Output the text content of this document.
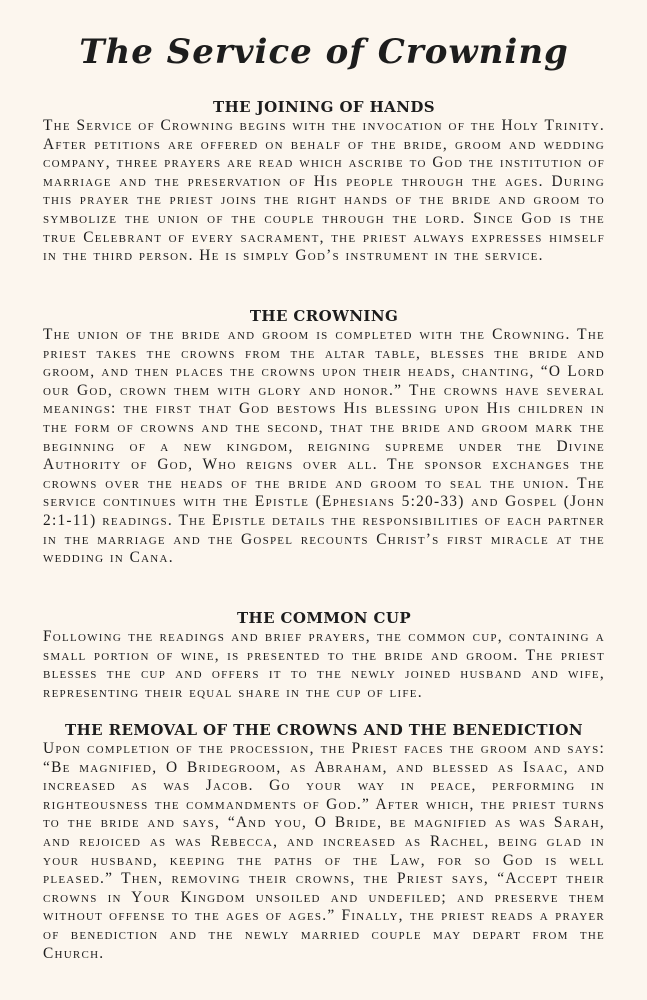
The Service of Crowning
THE JOINING OF HANDS

The Service of Crowning begins with the invocation of the Holy Trinity. After petitions are offered on behalf of the bride, groom and wedding company, three prayers are read which ascribe to God the institution of marriage and the preservation of His people through the ages. During this prayer the priest joins the right hands of the bride and groom to symbolize the union of the couple through the lord. Since God is the true Celebrant of every sacrament, the priest always expresses himself in the third person. He is simply God’s instrument in the service.

THE CROWNING

The union of the bride and groom is completed with the Crowning. The priest takes the crowns from the altar table, blesses the bride and groom, and then places the crowns upon their heads, chanting, “O Lord our God, crown them with glory and honor.” The crowns have several meanings: the first that God bestows His blessing upon His children in the form of crowns and the second, that the bride and groom mark the beginning of a new kingdom, reigning supreme under the Divine Authority of God, Who reigns over all. The sponsor exchanges the crowns over the heads of the bride and groom to seal the union. The service continues with the Epistle (Ephesians 5:20-33) and Gospel (John 2:1-11) readings. The Epistle details the responsibilities of each partner in the marriage and the Gospel recounts Christ’s first miracle at the wedding in Cana.

THE COMMON CUP

Following the readings and brief prayers, the common cup, containing a small portion of wine, is presented to the bride and groom. The priest blesses the cup and offers it to the newly joined husband and wife, representing their equal share in the cup of life.

THE REMOVAL OF THE CROWNS AND THE BENEDICTION

Upon completion of the procession, the Priest faces the groom and says: “Be magnified, O Bridegroom, as Abraham, and blessed as Isaac, and increased as was Jacob. Go your way in peace, performing in righteousness the commandments of God.” After which, the priest turns to the bride and says, “And you, O Bride, be magnified as was Sarah, and rejoiced as was Rebecca, and increased as Rachel, being glad in your husband, keeping the paths of the Law, for so God is well pleased.” Then, removing their crowns, the Priest says, “Accept their crowns in Your Kingdom unsoiled and undefiled; and preserve them without offense to the ages of ages.” Finally, the priest reads a prayer of benediction and the newly married couple may depart from the Church.
